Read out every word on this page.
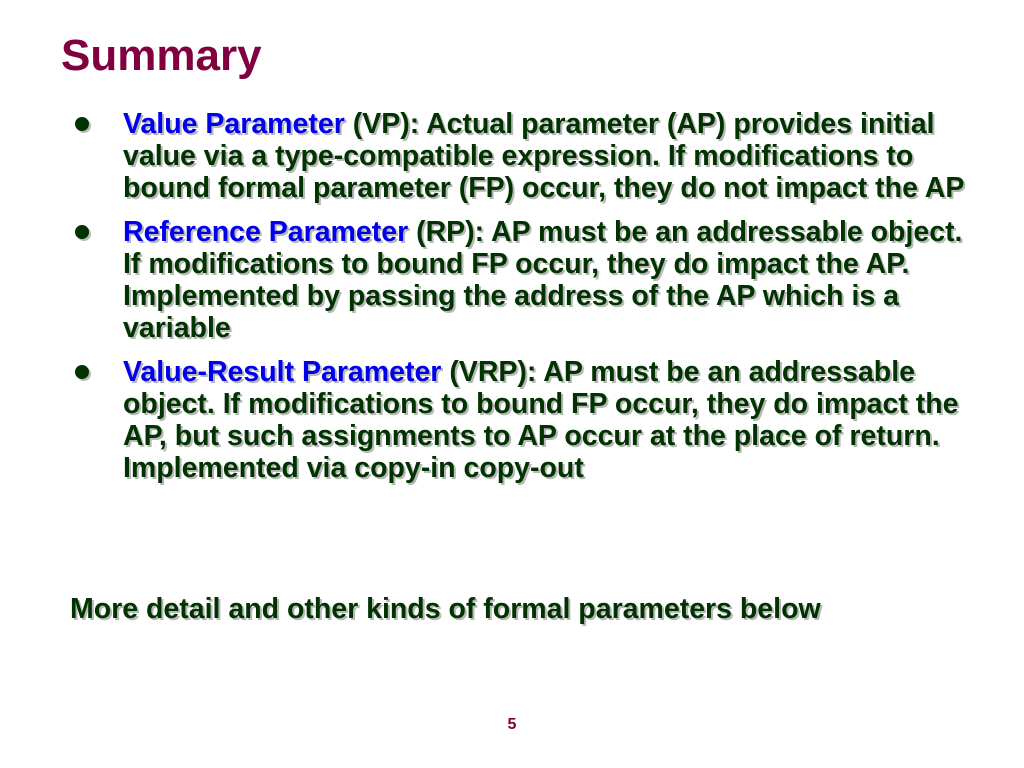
Summary
Value Parameter (VP): Actual parameter (AP) provides initial value via a type-compatible expression. If modifications to bound formal parameter (FP) occur, they do not impact the AP
Reference Parameter (RP): AP must be an addressable object. If modifications to bound FP occur, they do impact the AP. Implemented by passing the address of the AP which is a variable
Value-Result Parameter (VRP): AP must be an addressable object. If modifications to bound FP occur, they do impact the AP, but such assignments to AP occur at the place of return. Implemented via copy-in copy-out

More detail and other kinds of formal parameters below

5
